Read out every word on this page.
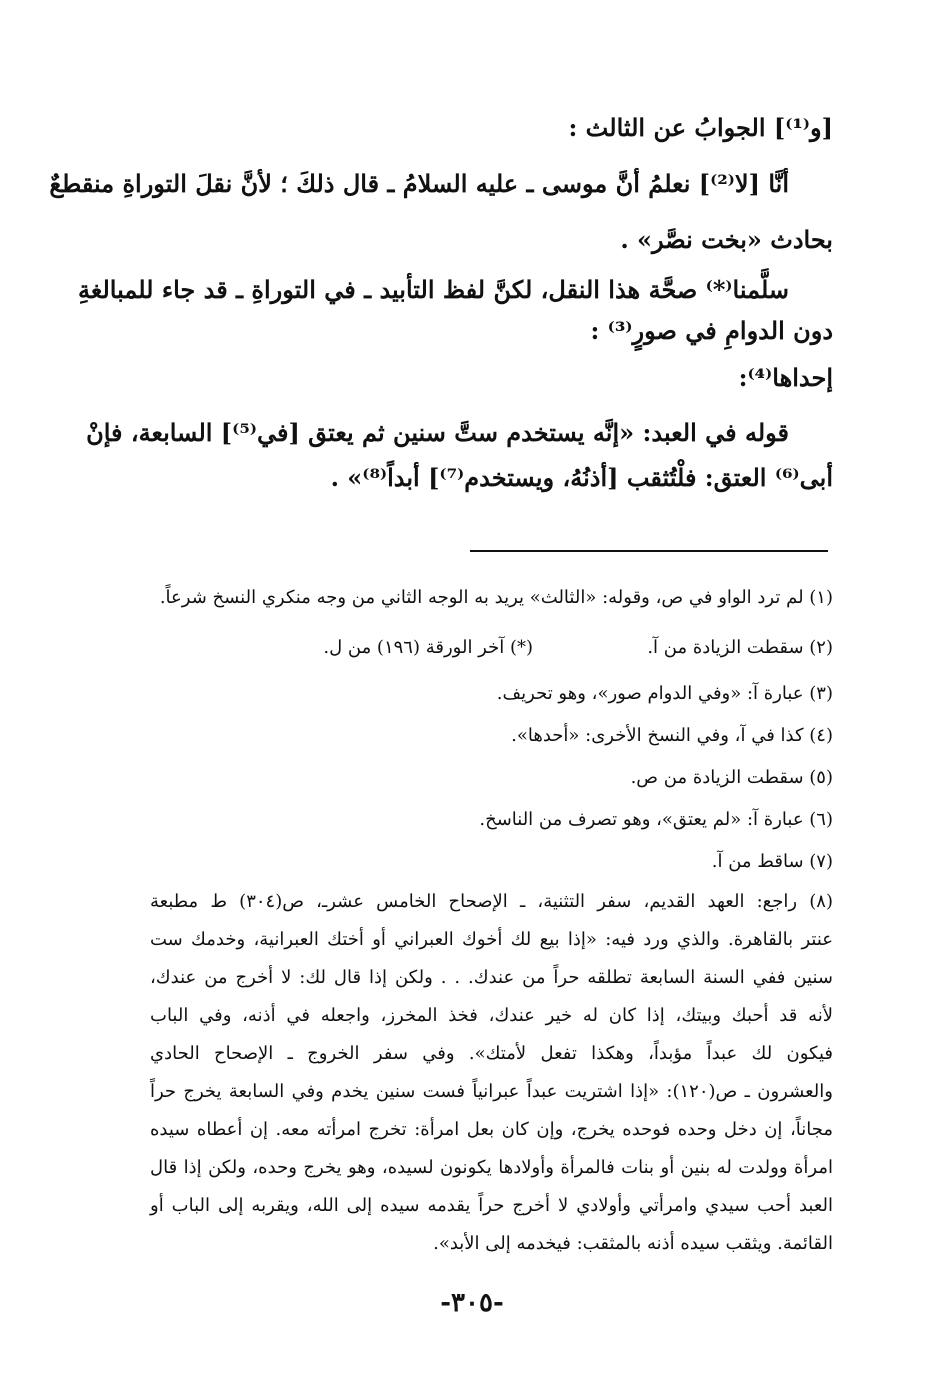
[و⁽¹⁾] الجوابُ عن الثالث :
أنَّا [لا⁽²⁾] نعلمُ أنَّ موسى ـ عليه السلامُ ـ قال ذلكَ ؛ لأنَّ نقلَ التوراةِ منقطعٌ
بحادث «بخت نصَّر» .
سلَّمنا⁽*⁾ صحَّة هذا النقل، لكنَّ لفظ التأبيد ـ في التوراةِ ـ قد جاء للمبالغةِ
دون الدوامِ في صورٍ⁽³⁾ :
إحداها⁽⁴⁾:
قوله في العبد: «إنَّه يستخدم ستَّ سنين ثم يعتق [في⁽⁵⁾] السابعة، فإنْ
أبى⁽⁶⁾ العتق: فلْتُثقب [أذنُهُ، ويستخدم⁽⁷⁾] أبداً⁽⁸⁾» .
(١) لم ترد الواو في ص، وقوله: «الثالث» يريد به الوجه الثاني من وجه منكري النسخ شرعاً.
(٢) سقطت الزيادة من آ.(*) آخر الورقة (١٩٦) من ل.
(٣) عبارة آ: «وفي الدوام صور»، وهو تحريف.
(٤) كذا في آ، وفي النسخ الأخرى: «أحدها».
(٥) سقطت الزيادة من ص.
(٦) عبارة آ: «لم يعتق»، وهو تصرف من الناسخ.
(٧) ساقط من آ.
(٨) راجع: العهد القديم، سفر التثنية، ـ الإصحاح الخامس عشرـ، ص(٣٠٤) ط مطبعة
عنتر بالقاهرة. والذي ورد فيه: «إذا بيع لك أخوك العبراني أو أختك العبرانية، وخدمك ست
سنين ففي السنة السابعة تطلقه حراً من عندك. . . ولكن إذا قال لك: لا أخرج من عندك،
لأنه قد أحبك وبيتك، إذا كان له خير عندك، فخذ المخرز، واجعله في أذنه، وفي الباب
فيكون لك عبداً مؤبداً، وهكذا تفعل لأمتك». وفي سفر الخروج ـ الإصحاح الحادي
والعشرون ـ ص(١٢٠): «إذا اشتريت عبداً عبرانياً فست سنين يخدم وفي السابعة يخرج حراً
مجاناً، إن دخل وحده فوحده يخرج، وإن كان بعل امرأة: تخرج امرأته معه. إن أعطاه سيده
امرأة وولدت له بنين أو بنات فالمرأة وأولادها يكونون لسيده، وهو يخرج وحده، ولكن إذا قال
العبد أحب سيدي وامرأتي وأولادي لا أخرج حراً يقدمه سيده إلى الله، ويقربه إلى الباب أو
القائمة. ويثقب سيده أذنه بالمثقب: فيخدمه إلى الأبد».
-٣٠٥-
